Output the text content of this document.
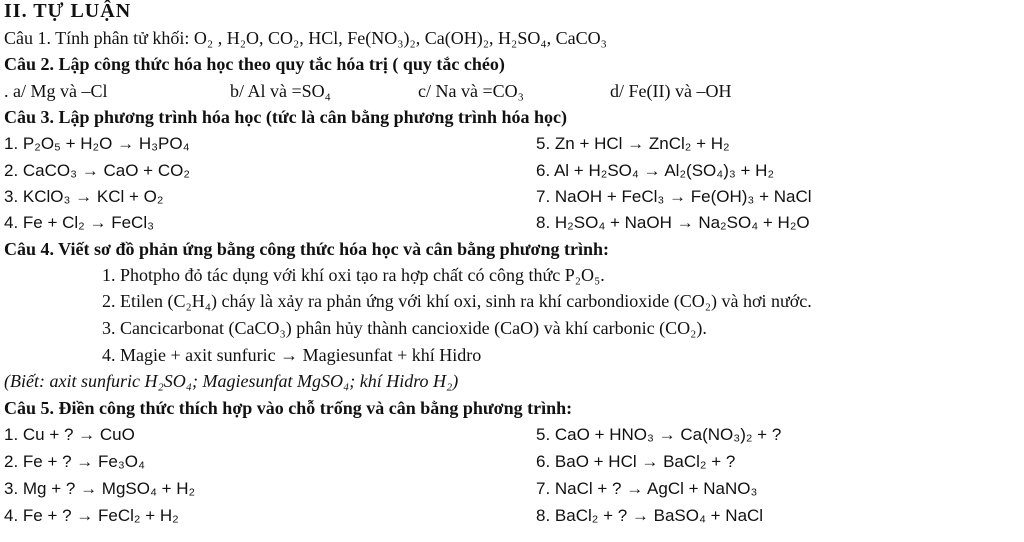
II. TỰ LUẬN
Câu 1. Tính phân tử khối: O₂ , H₂O, CO₂, HCl, Fe(NO₃)₂, Ca(OH)₂, H₂SO₄, CaCO₃
Câu 2. Lập công thức hóa học theo quy tắc hóa trị ( quy tắc chéo)
. a/ Mg và –Cl	b/ Al và =SO₄	c/ Na và =CO₃	d/ Fe(II) và –OH
Câu 3. Lập phương trình hóa học (tức là cân bằng phương trình hóa học)
1. P₂O₅ + H₂O → H₃PO₄
2. CaCO₃ → CaO + CO₂
3. KClO₃ → KCl + O₂
4. Fe + Cl₂ → FeCl₃
5. Zn + HCl → ZnCl₂ + H₂
6. Al + H₂SO₄ → Al₂(SO₄)₃ + H₂
7. NaOH + FeCl₃ → Fe(OH)₃ + NaCl
8. H₂SO₄ + NaOH → Na₂SO₄ + H₂O
Câu 4. Viết sơ đồ phản ứng bằng công thức hóa học và cân bằng phương trình:
1. Photpho đỏ tác dụng với khí oxi tạo ra hợp chất có công thức P₂O₅.
2. Etilen (C₂H₄) cháy là xảy ra phản ứng với khí oxi, sinh ra khí carbondioxide (CO₂) và hơi nước.
3. Cancicarbonat (CaCO₃) phân hủy thành cancioxide (CaO) và khí carbonic (CO₂).
4. Magie + axit sunfuric → Magiesunfat + khí Hidro
(Biết: axit sunfuric H₂SO₄; Magiesunfat MgSO₄; khí Hidro H₂)
Câu 5. Điền công thức thích hợp vào chỗ trống và cân bằng phương trình:
1. Cu + ? → CuO
2. Fe + ? → Fe₃O₄
3. Mg + ? → MgSO₄ + H₂
4. Fe + ? → FeCl₂ + H₂
5. CaO + HNO₃ → Ca(NO₃)₂ + ?
6. BaO + HCl → BaCl₂ + ?
7. NaCl + ? → AgCl + NaNO₃
8. BaCl₂ + ? → BaSO₄ + NaCl
